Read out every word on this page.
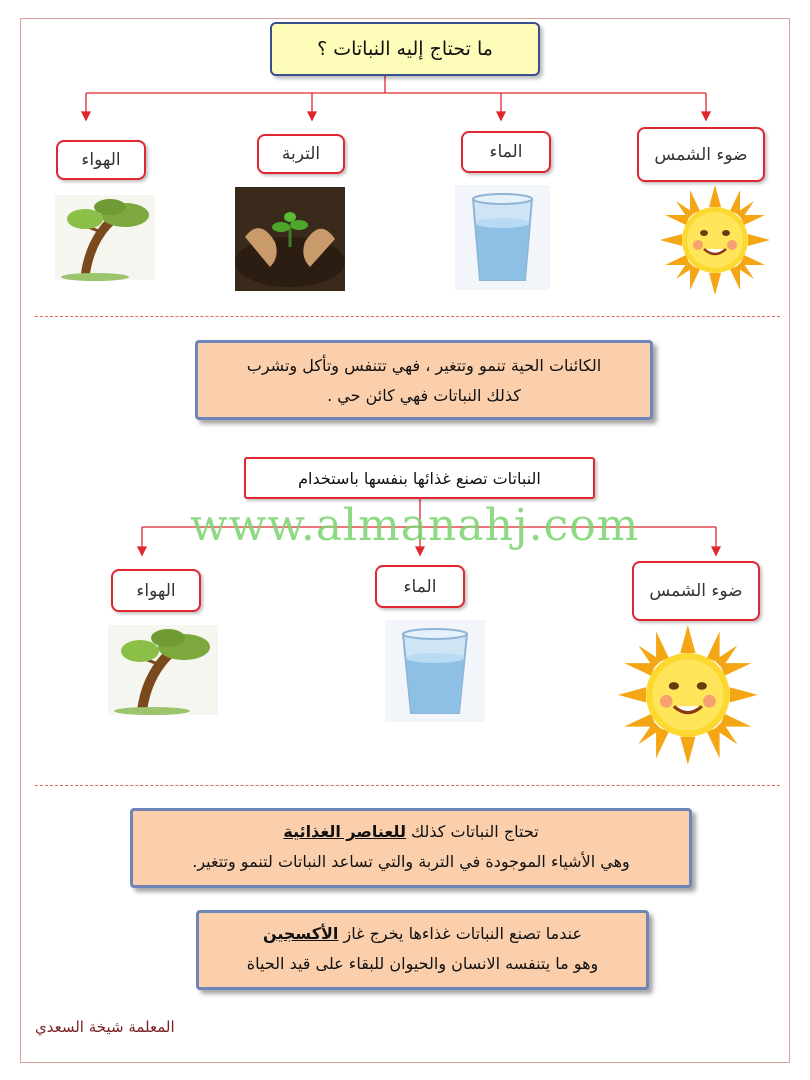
ما تحتاج إليه النباتات ؟
ضوء الشمس
الماء
التربة
الهواء
الكائنات الحية تنمو وتتغير ، فهي تتنفس وتأكل وتشرب
كذلك النباتات فهي كائن حي .
النباتات تصنع غذائها بنفسها باستخدام
www.almanahj.com
ضوء الشمس
الماء
الهواء
تحتاج النباتات كذلك للعناصر الغذائية
وهي الأشياء الموجودة في التربة والتي تساعد النباتات لتنمو وتتغير.
عندما تصنع النباتات غذاءها يخرج غاز الأكسجين
وهو ما يتنفسه الانسان والحيوان للبقاء على قيد الحياة
المعلمة شيخة السعدي
